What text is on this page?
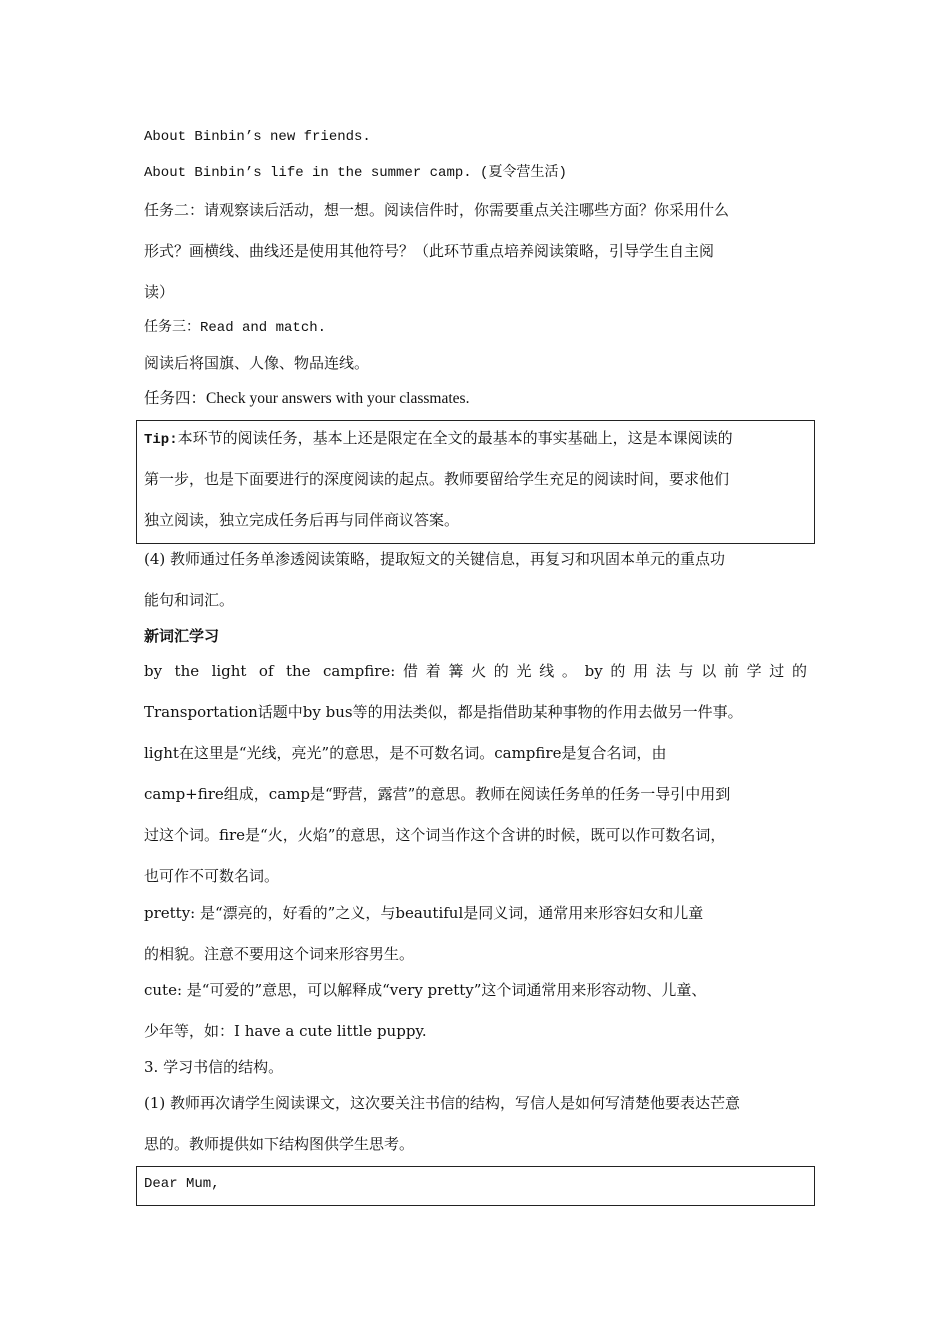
About Binbin’s new friends.
About Binbin’s life in the summer camp. (夏令营生活)
任务二：请观察读后活动，想一想。阅读信件时，你需要重点关注哪些方面？你采用什么
形式？画横线、曲线还是使用其他符号？（此环节重点培养阅读策略，引导学生自主阅
读）
任务三：Read and match.
阅读后将国旗、人像、物品连线。
任务四：Check your answers with your classmates.
Tip:本环节的阅读任务，基本上还是限定在全文的最基本的事实基础上，这是本课阅读的
第一步，也是下面要进行的深度阅读的起点。教师要留给学生充足的阅读时间，要求他们
独立阅读，独立完成任务后再与同伴商议答案。
(4) 教师通过任务单渗透阅读策略，提取短文的关键信息，再复习和巩固本单元的重点功
能句和词汇。
新词汇学习
by the light of the campfire:借着篝火的光线。by的用法与以前学过的
Transportation话题中by bus等的用法类似，都是指借助某种事物的作用去做另一件事。
light在这里是“光线，亮光”的意思，是不可数名词。campfire是复合名词，由
camp+fire组成，camp是“野营，露营”的意思。教师在阅读任务单的任务一导引中用到
过这个词。fire是“火，火焰”的意思，这个词当作这个含讲的时候，既可以作可数名词，
也可作不可数名词。
pretty: 是“漂亮的，好看的”之义，与beautiful是同义词，通常用来形容妇女和儿童
的相貌。注意不要用这个词来形容男生。
cute: 是“可爱的”意思，可以解释成“very pretty”这个词通常用来形容动物、儿童、
少年等，如：I have a cute little puppy.
3. 学习书信的结构。
(1) 教师再次请学生阅读课文，这次要关注书信的结构，写信人是如何写清楚他要表达芒意
思的。教师提供如下结构图供学生思考。
Dear Mum,
